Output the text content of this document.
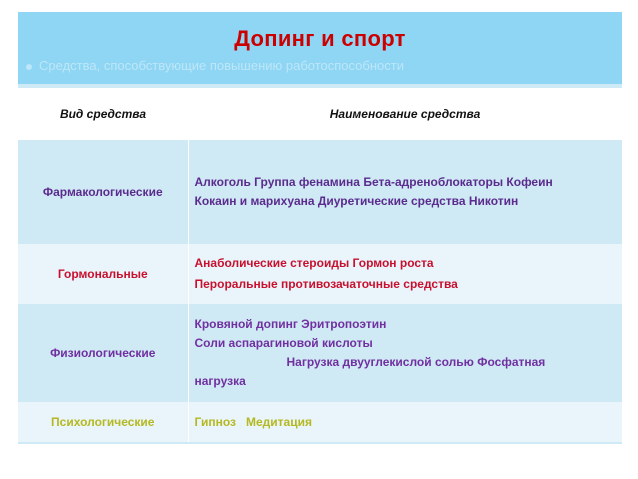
Допинг и спорт
Средства, способствующие повышению работоспособности
Вид средства	Наименование средства
Фармакологические	Алкоголь Группа фенамина Бета-адреноблокаторы Кофеин
Кокаин и марихуана Диуретические средства Никотин

Гормональные	Анаболические стероиды Гормон роста
Пероральные противозачаточные средства

Физиологические	Кровяной допинг Эритропоэтин
Соли аспарагиновой кислоты
Нагрузка двууглекислой солью Фосфатная
нагрузка

Психологические	Гипноз Медитация
